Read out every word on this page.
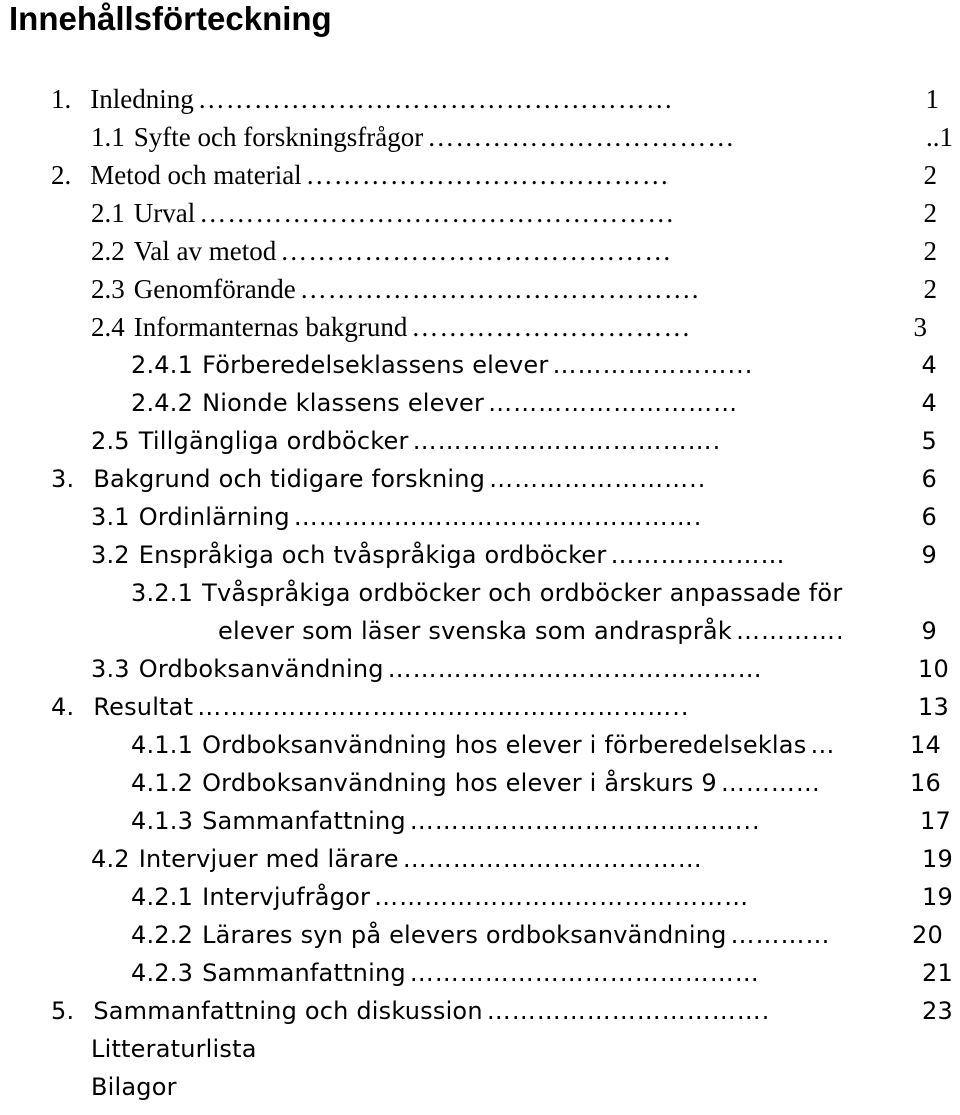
Innehållsförteckning
1. Inledning ……………………………………………	1
1.1 Syfte och forskningsfrågor ……………………………	..1
2. Metod och material …………………………………	2
2.1 Urval ……………………………………………	2
2.2 Val av metod ……………………………………	2
2.3 Genomförande …………………………………….	2
2.4 Informanternas bakgrund …………………………	3
2.4.1 Förberedelseklassens elever …………………...	4
2.4.2 Nionde klassens elever …………………………	4
2.5 Tillgängliga ordböcker ……………………………….	5
3. Bakgrund och tidigare forskning ……………………..	6
3.1 Ordinlärning ………………………………………….	6
3.2 Enspråkiga och tvåspråkiga ordböcker …………………	9
3.2.1 Tvåspråkiga ordböcker och ordböcker anpassade för
elever som läser svenska som andraspråk ………….	9
3.3 Ordboksanvändning ………………………………………	10
4. Resultat …………………………………………………..	13
4.1.1 Ordboksanvändning hos elever i förberedelseklas …	14
4.1.2 Ordboksanvändning hos elever i årskurs 9 …………	16
4.1.3 Sammanfattning …………………………………...	17
4.2 Intervjuer med lärare ………………………………	19
4.2.1 Intervjufrågor ………………………………………	19
4.2.2 Lärares syn på elevers ordboksanvändning …………	20
4.2.3 Sammanfattning ……………………………………	21
5. Sammanfattning och diskussion …………………………….	23
Litteraturlista
Bilagor
